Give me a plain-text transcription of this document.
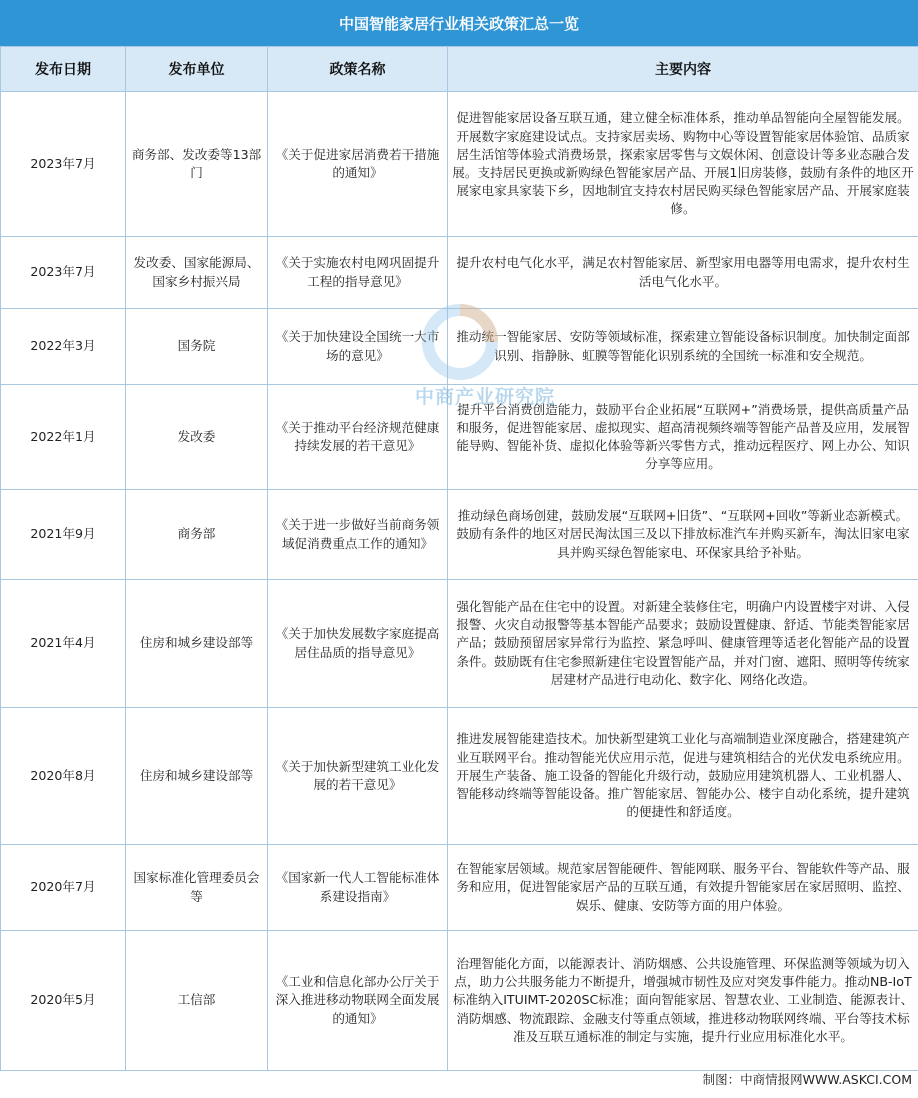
中国智能家居行业相关政策汇总一览
发布日期	发布单位	政策名称	主要内容
2023年7月	商务部、发改委等13部门	《关于促进家居消费若干措施的通知》	促进智能家居设备互联互通，建立健全标准体系，推动单品智能向全屋智能发展。开展数字家庭建设试点。支持家居卖场、购物中心等设置智能家居体验馆、品质家居生活馆等体验式消费场景，探索家居零售与文娱休闲、创意设计等多业态融合发展。支持居民更换或新购绿色智能家居产品、开展1旧房装修，鼓励有条件的地区开展家电家具家装下乡，因地制宜支持农村居民购买绿色智能家居产品、开展家庭装修。
2023年7月	发改委、国家能源局、国家乡村振兴局	《关于实施农村电网巩固提升工程的指导意见》	提升农村电气化水平，满足农村智能家居、新型家用电器等用电需求，提升农村生活电气化水平。
2022年3月	国务院	《关于加快建设全国统一大市场的意见》	推动统一智能家居、安防等领域标准，探索建立智能设备标识制度。加快制定面部识别、指静脉、虹膜等智能化识别系统的全国统一标准和安全规范。
2022年1月	发改委	《关于推动平台经济规范健康持续发展的若干意见》	提升平台消费创造能力，鼓励平台企业拓展“互联网+”消费场景，提供高质量产品和服务，促进智能家居、虚拟现实、超高清视频终端等智能产品普及应用，发展智能导购、智能补货、虚拟化体验等新兴零售方式，推动远程医疗、网上办公、知识分享等应用。
2021年9月	商务部	《关于进一步做好当前商务领域促消费重点工作的通知》	推动绿色商场创建，鼓励发展“互联网+旧货”、“互联网+回收”等新业态新模式。鼓励有条件的地区对居民淘汰国三及以下排放标准汽车并购买新车，淘汰旧家电家具并购买绿色智能家电、环保家具给予补贴。
2021年4月	住房和城乡建设部等	《关于加快发展数字家庭提高居住品质的指导意见》	强化智能产品在住宅中的设置。对新建全装修住宅，明确户内设置楼宇对讲、入侵报警、火灾自动报警等基本智能产品要求；鼓励设置健康、舒适、节能类智能家居产品；鼓励预留居家异常行为监控、紧急呼叫、健康管理等适老化智能产品的设置条件。鼓励既有住宅参照新建住宅设置智能产品，并对门窗、遮阳、照明等传统家居建材产品进行电动化、数字化、网络化改造。
2020年8月	住房和城乡建设部等	《关于加快新型建筑工业化发展的若干意见》	推进发展智能建造技术。加快新型建筑工业化与高端制造业深度融合，搭建建筑产业互联网平台。推动智能光伏应用示范，促进与建筑相结合的光伏发电系统应用。开展生产装备、施工设备的智能化升级行动，鼓励应用建筑机器人、工业机器人、智能移动终端等智能设备。推广智能家居、智能办公、楼宇自动化系统，提升建筑的便捷性和舒适度。
2020年7月	国家标准化管理委员会等	《国家新一代人工智能标准体系建设指南》	在智能家居领域。规范家居智能硬件、智能网联、服务平台、智能软件等产品、服务和应用，促进智能家居产品的互联互通，有效提升智能家居在家居照明、监控、娱乐、健康、安防等方面的用户体验。
2020年5月	工信部	《工业和信息化部办公厅关于深入推进移动物联网全面发展的通知》	治理智能化方面，以能源表计、消防烟感、公共设施管理、环保监测等领域为切入点，助力公共服务能力不断提升，增强城市韧性及应对突发事件能力。推动NB-IoT标准纳入ITUIMT-2020SC标准；面向智能家居、智慧农业、工业制造、能源表计、消防烟感、物流跟踪、金融支付等重点领域，推进移动物联网终端、平台等技术标准及互联互通标准的制定与实施，提升行业应用标准化水平。
中商产业研究院
制图：中商情报网WWW.ASKCI.COM
